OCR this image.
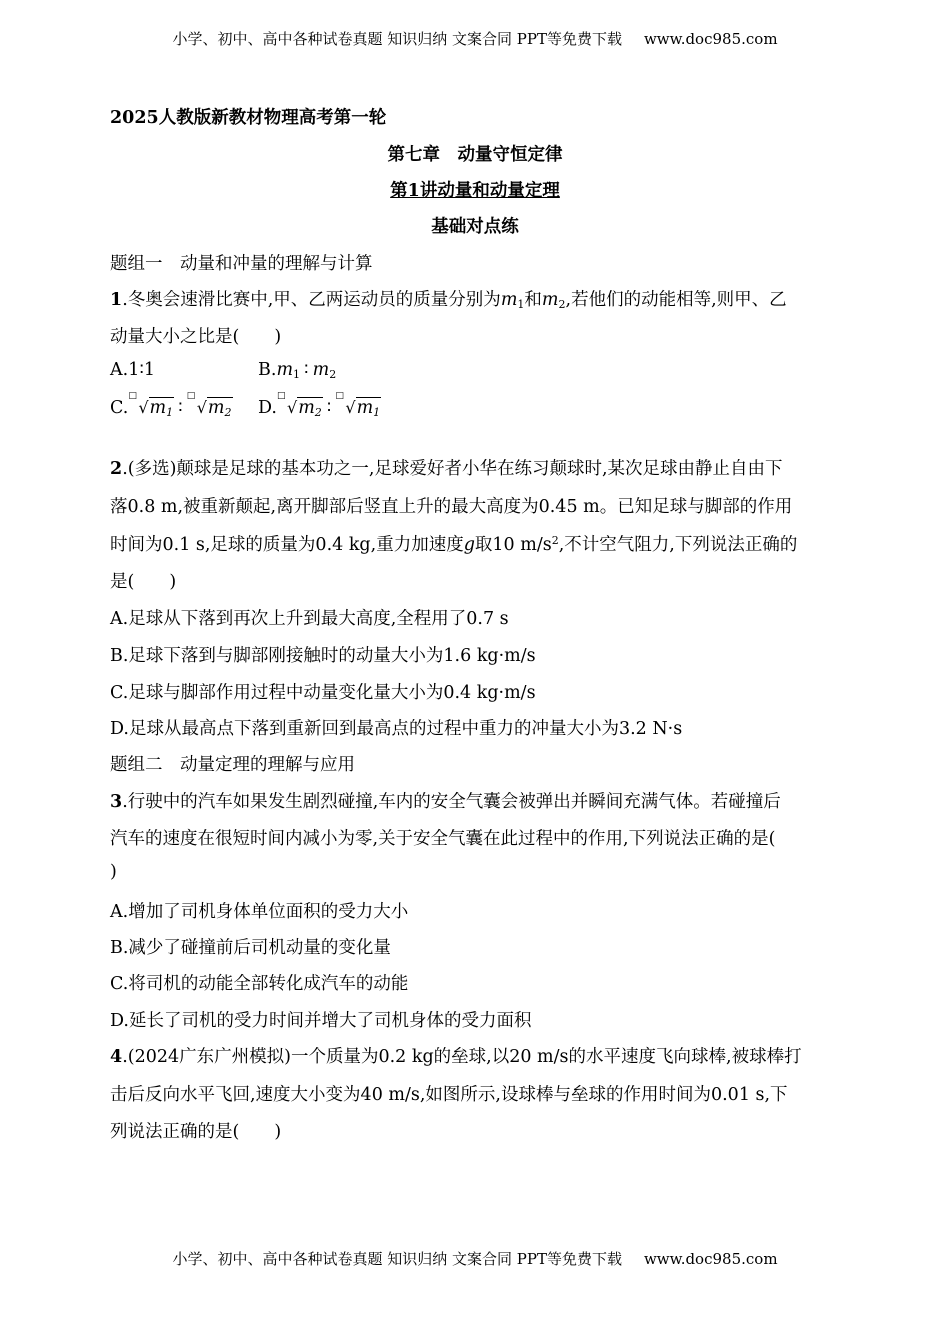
小学、初中、高中各种试卷真题 知识归纳 文案合同 PPT等免费下载 www.doc985.com
2025人教版新教材物理高考第一轮
第七章　动量守恒定律
第1讲动量和动量定理
基础对点练
题组一　动量和冲量的理解与计算
1.冬奥会速滑比赛中,甲、乙两运动员的质量分别为$m_1$和$m_2$,若他们的动能相等,则甲、乙
动量大小之比是(　　)
A.1∶1	$B.m_1$ ∶ $m_2$
C.
□
$√m_1$ ∶
□
$√m_2$ D.
□
$√m_2$ ∶
□
$√m_1$
2.(多选)颠球是足球的基本功之一,足球爱好者小华在练习颠球时,某次足球由静止自由下
落0.8 m,被重新颠起,离开脚部后竖直上升的最大高度为0.45 m。已知足球与脚部的作用
时间为0.1 s,足球的质量为0.4 kg,重力加速度g取10 $m/s^2$,不计空气阻力,下列说法正确的
是(　　)
A.足球从下落到再次上升到最大高度,全程用了0.7 s
B.足球下落到与脚部刚接触时的动量大小为1.6 kg·m/s
C.足球与脚部作用过程中动量变化量大小为0.4 kg·m/s
D.足球从最高点下落到重新回到最高点的过程中重力的冲量大小为3.2 N·s
题组二　动量定理的理解与应用
3.行驶中的汽车如果发生剧烈碰撞,车内的安全气囊会被弹出并瞬间充满气体。若碰撞后
汽车的速度在很短时间内减小为零,关于安全气囊在此过程中的作用,下列说法正确的是(
)
A.增加了司机身体单位面积的受力大小
B.减少了碰撞前后司机动量的变化量
C.将司机的动能全部转化成汽车的动能
D.延长了司机的受力时间并增大了司机身体的受力面积
4.(2024广东广州模拟)一个质量为0.2 kg的垒球,以20 m/s的水平速度飞向球棒,被球棒打
击后反向水平飞回,速度大小变为40 m/s,如图所示,设球棒与垒球的作用时间为0.01 s,下
列说法正确的是(　　)
小学、初中、高中各种试卷真题 知识归纳 文案合同 PPT等免费下载 www.doc985.com
